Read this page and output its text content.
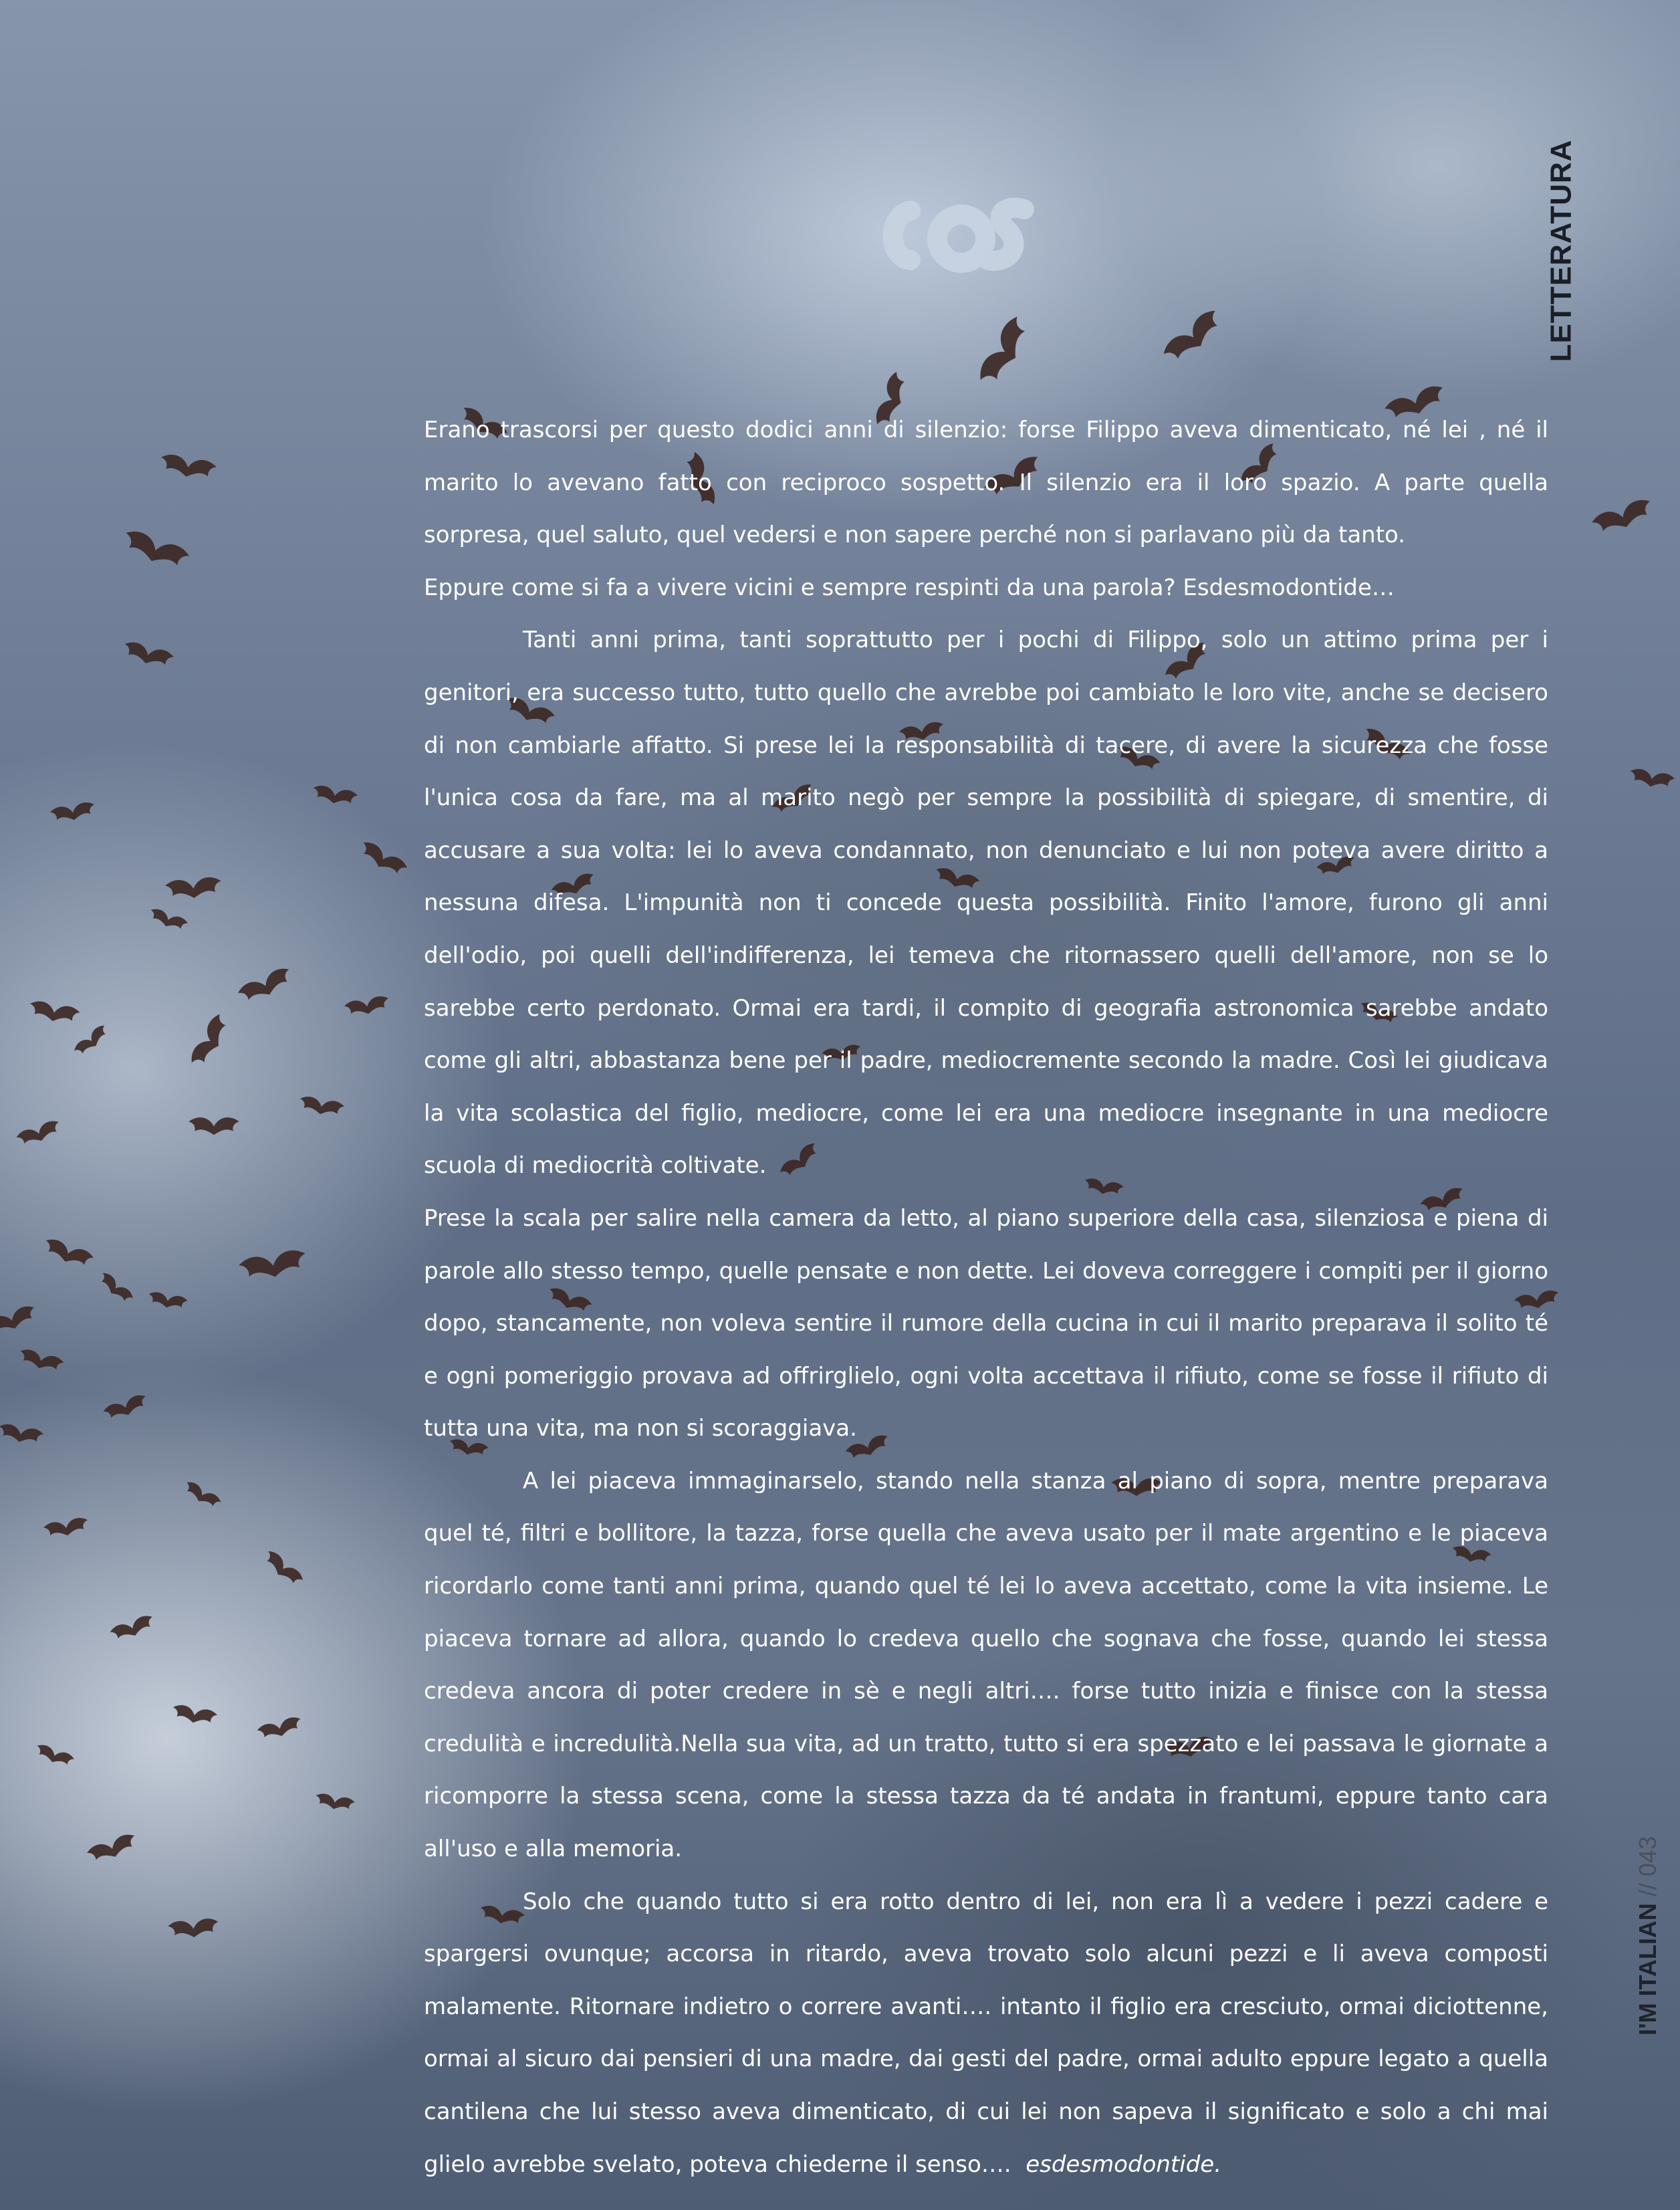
LETTERATURA
I'M ITALIAN // 043

Erano trascorsi per questo dodici anni di silenzio: forse Filippo aveva dimenticato, né lei , né il marito lo avevano fatto con reciproco sospetto. Il silenzio era il loro spazio. A parte quella sorpresa, quel saluto, quel vedersi e non sapere perché non si parlavano più da tanto.

Eppure come si fa a vivere vicini e sempre respinti da una parola? Esdesmodontide…

Tanti anni prima, tanti soprattutto per i pochi di Filippo, solo un attimo prima per i genitori, era successo tutto, tutto quello che avrebbe poi cambiato le loro vite, anche se decisero di non cambiarle affatto. Si prese lei la responsabilità di tacere, di avere la sicurezza che fosse l'unica cosa da fare, ma al marito negò per sempre la possibilità di spiegare, di smentire, di accusare a sua volta: lei lo aveva condannato, non denunciato e lui non poteva avere diritto a nessuna difesa. L'impunità non ti concede questa possibilità. Finito l'amore, furono gli anni dell'odio, poi quelli dell'indifferenza, lei temeva che ritornassero quelli dell'amore, non se lo sarebbe certo perdonato. Ormai era tardi, il compito di geografia astronomica sarebbe andato come gli altri, abbastanza bene per il padre, mediocremente secondo la madre. Così lei giudicava la vita scolastica del figlio, mediocre, come lei era una mediocre insegnante in una mediocre scuola di mediocrità coltivate.

Prese la scala per salire nella camera da letto, al piano superiore della casa, silenziosa e piena di parole allo stesso tempo, quelle pensate e non dette. Lei doveva correggere i compiti per il giorno dopo, stancamente, non voleva sentire il rumore della cucina in cui il marito preparava il solito té e ogni pomeriggio provava ad offrirglielo, ogni volta accettava il rifiuto, come se fosse il rifiuto di tutta una vita, ma non si scoraggiava.

A lei piaceva immaginarselo, stando nella stanza al piano di sopra, mentre preparava quel té, filtri e bollitore, la tazza, forse quella che aveva usato per il mate argentino e le piaceva ricordarlo come tanti anni prima, quando quel té lei lo aveva accettato, come la vita insieme. Le piaceva tornare ad allora, quando lo credeva quello che sognava che fosse, quando lei stessa credeva ancora di poter credere in sè e negli altri…. forse tutto inizia e finisce con la stessa credulità e incredulità.Nella sua vita, ad un tratto, tutto si era spezzato e lei passava le giornate a ricomporre la stessa scena, come la stessa tazza da té andata in frantumi, eppure tanto cara all'uso e alla memoria.

Solo che quando tutto si era rotto dentro di lei, non era lì a vedere i pezzi cadere e spargersi ovunque; accorsa in ritardo, aveva trovato solo alcuni pezzi e li aveva composti malamente. Ritornare indietro o correre avanti…. intanto il figlio era cresciuto, ormai diciottenne, ormai al sicuro dai pensieri di una madre, dai gesti del padre, ormai adulto eppure legato a quella cantilena che lui stesso aveva dimenticato, di cui lei non sapeva il significato e solo a chi mai glielo avrebbe svelato, poteva chiederne il senso…. esdesmodontide.
